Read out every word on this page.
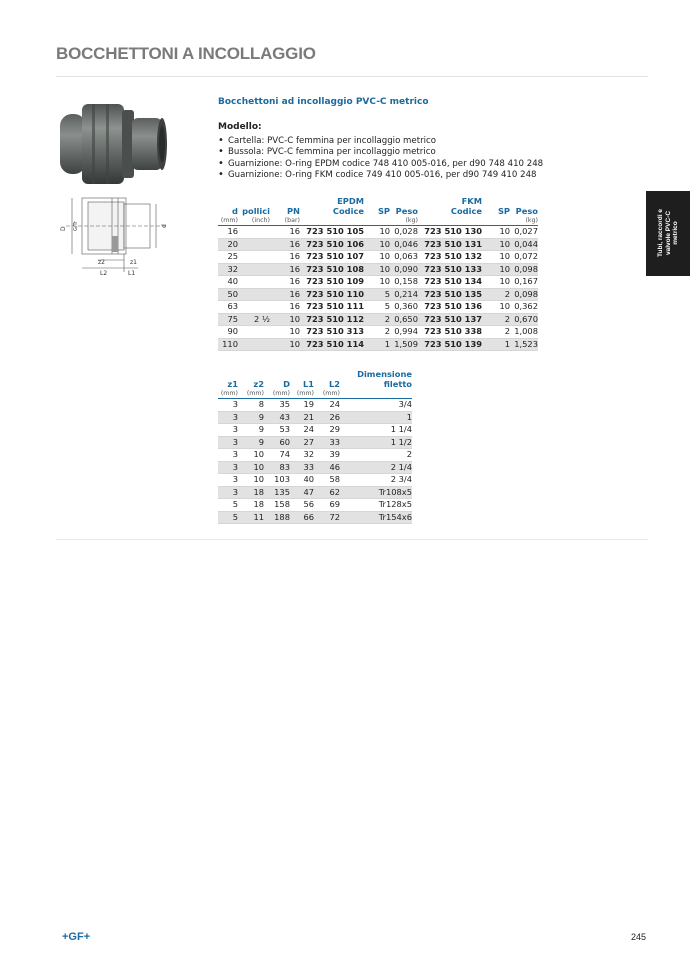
BOCCHETTONI A INCOLLAGGIO
D G/Tr	d
z2	z1
L2	L1
Tubi, raccordi e
valvole PVC-C
metrico
Bocchettoni ad incollaggio PVC-C metrico
Modello:
• Cartella: PVC-C femmina per incollaggio metrico
• Bussola: PVC-C femmina per incollaggio metrico
• Guarnizione: O-ring EPDM codice 748 410 005-016, per d90 748 410 248
• Guarnizione: O-ring FKM codice 749 410 005-016, per d90 749 410 248
d	pollici	PN	EPDM
Codice	SP	Peso	FKM
Codice	SP	Peso
(mm)	(inch)	(bar)			(kg)			(kg)
16		16	723 510 105	10	0,028	723 510 130	10	0,027
20		16	723 510 106	10	0,046	723 510 131	10	0,044
25		16	723 510 107	10	0,063	723 510 132	10	0,072
32		16	723 510 108	10	0,090	723 510 133	10	0,098
40		16	723 510 109	10	0,158	723 510 134	10	0,167
50		16	723 510 110	5	0,214	723 510 135	2	0,098
63		16	723 510 111	5	0,360	723 510 136	10	0,362
75	2 ½	10	723 510 112	2	0,650	723 510 137	2	0,670
90		10	723 510 313	2	0,994	723 510 338	2	1,008
110		10	723 510 114	1	1,509	723 510 139	1	1,523
z1	z2	D	L1	L2	Dimensione
filetto
(mm)	(mm)	(mm)	(mm)	(mm)	
3	8	35	19	24	3/4
3	9	43	21	26	1
3	9	53	24	29	1 1/4
3	9	60	27	33	1 1/2
3	10	74	32	39	2
3	10	83	33	46	2 1/4
3	10	103	40	58	2 3/4
3	18	135	47	62	Tr108x5
5	18	158	56	69	Tr128x5
5	11	188	66	72	Tr154x6
+GF+	245
